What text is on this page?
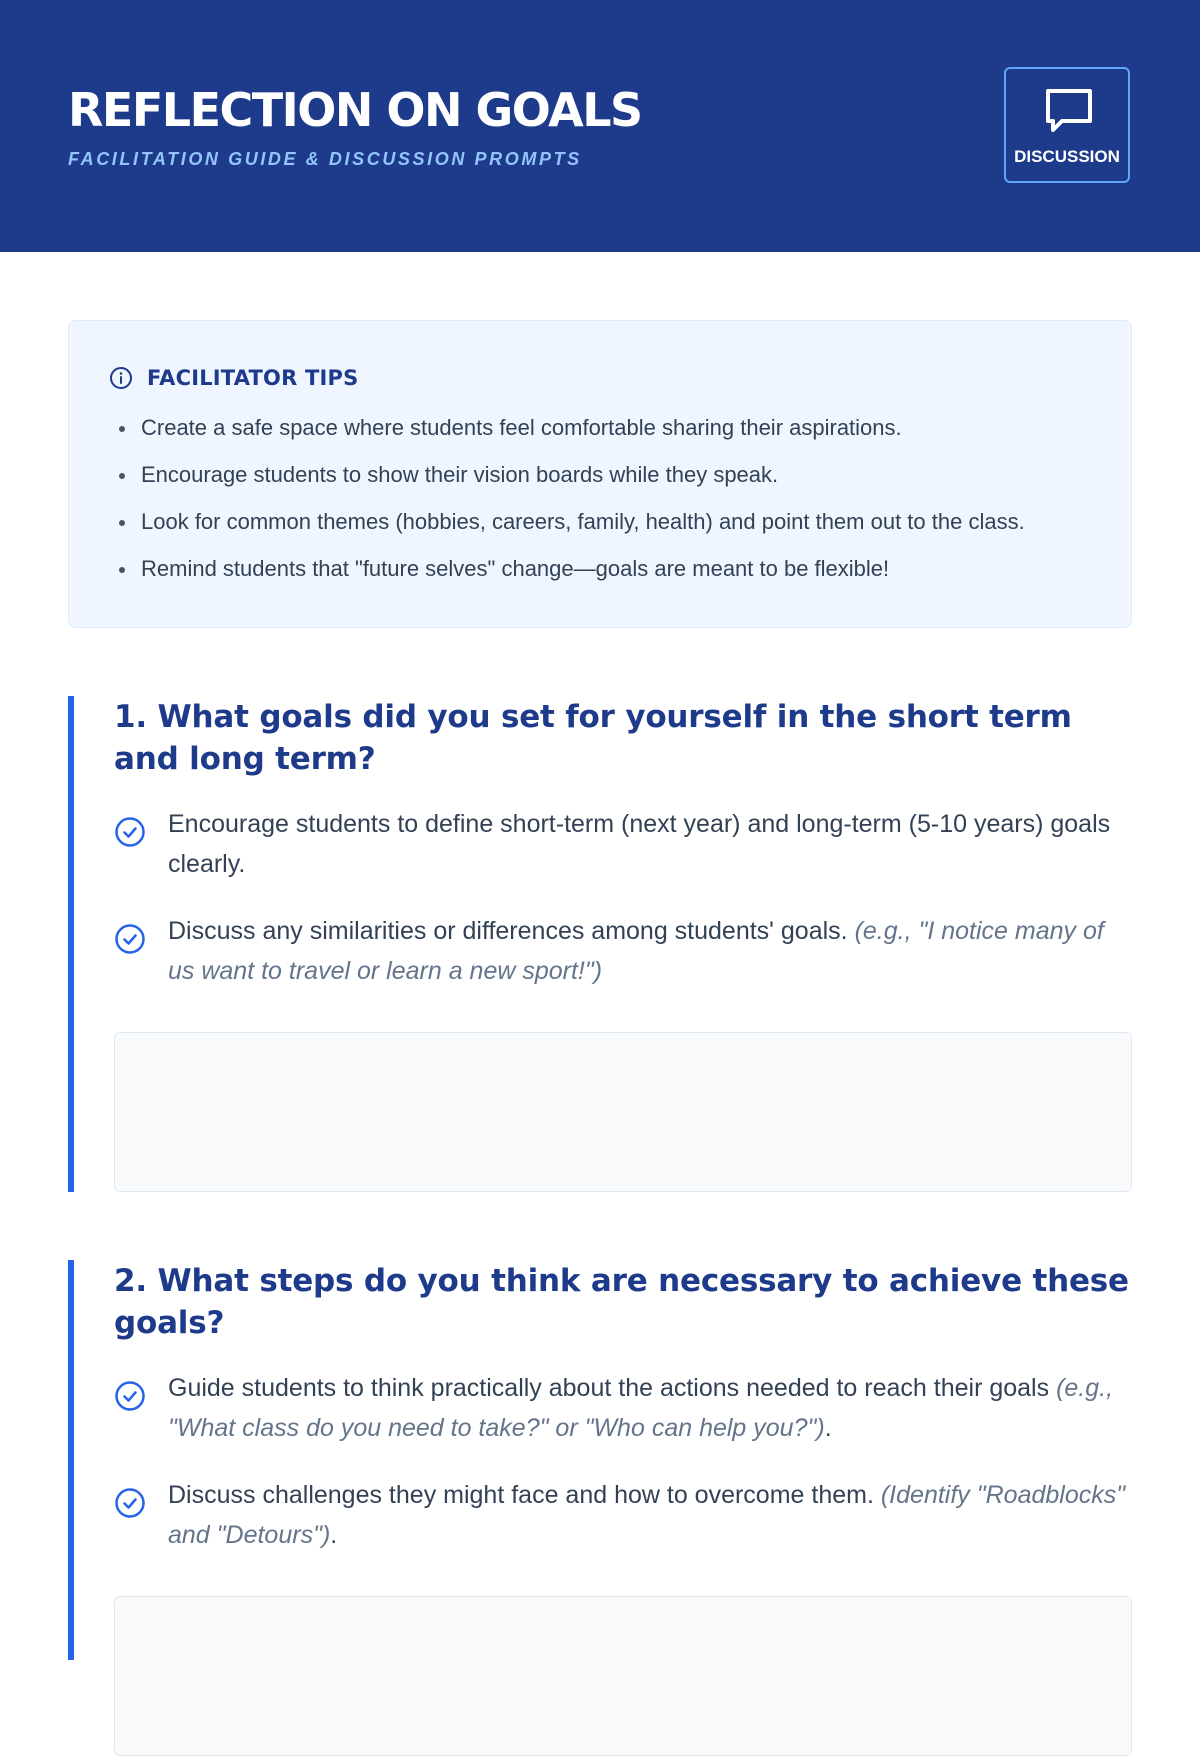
REFLECTION ON GOALS
FACILITATION GUIDE & DISCUSSION PROMPTS	DISCUSSION
FACILITATOR TIPS
Create a safe space where students feel comfortable sharing their aspirations.
Encourage students to show their vision boards while they speak.
Look for common themes (hobbies, careers, family, health) and point them out to the class.
Remind students that "future selves" change—goals are meant to be flexible!
1. What goals did you set for yourself in the short term and long term?
Encourage students to define short-term (next year) and long-term (5-10 years) goals clearly.
Discuss any similarities or differences among students' goals. (e.g., "I notice many of us want to travel or learn a new sport!")
2. What steps do you think are necessary to achieve these goals?
Guide students to think practically about the actions needed to reach their goals (e.g., "What class do you need to take?" or "Who can help you?").
Discuss challenges they might face and how to overcome them. (Identify "Roadblocks" and "Detours").
